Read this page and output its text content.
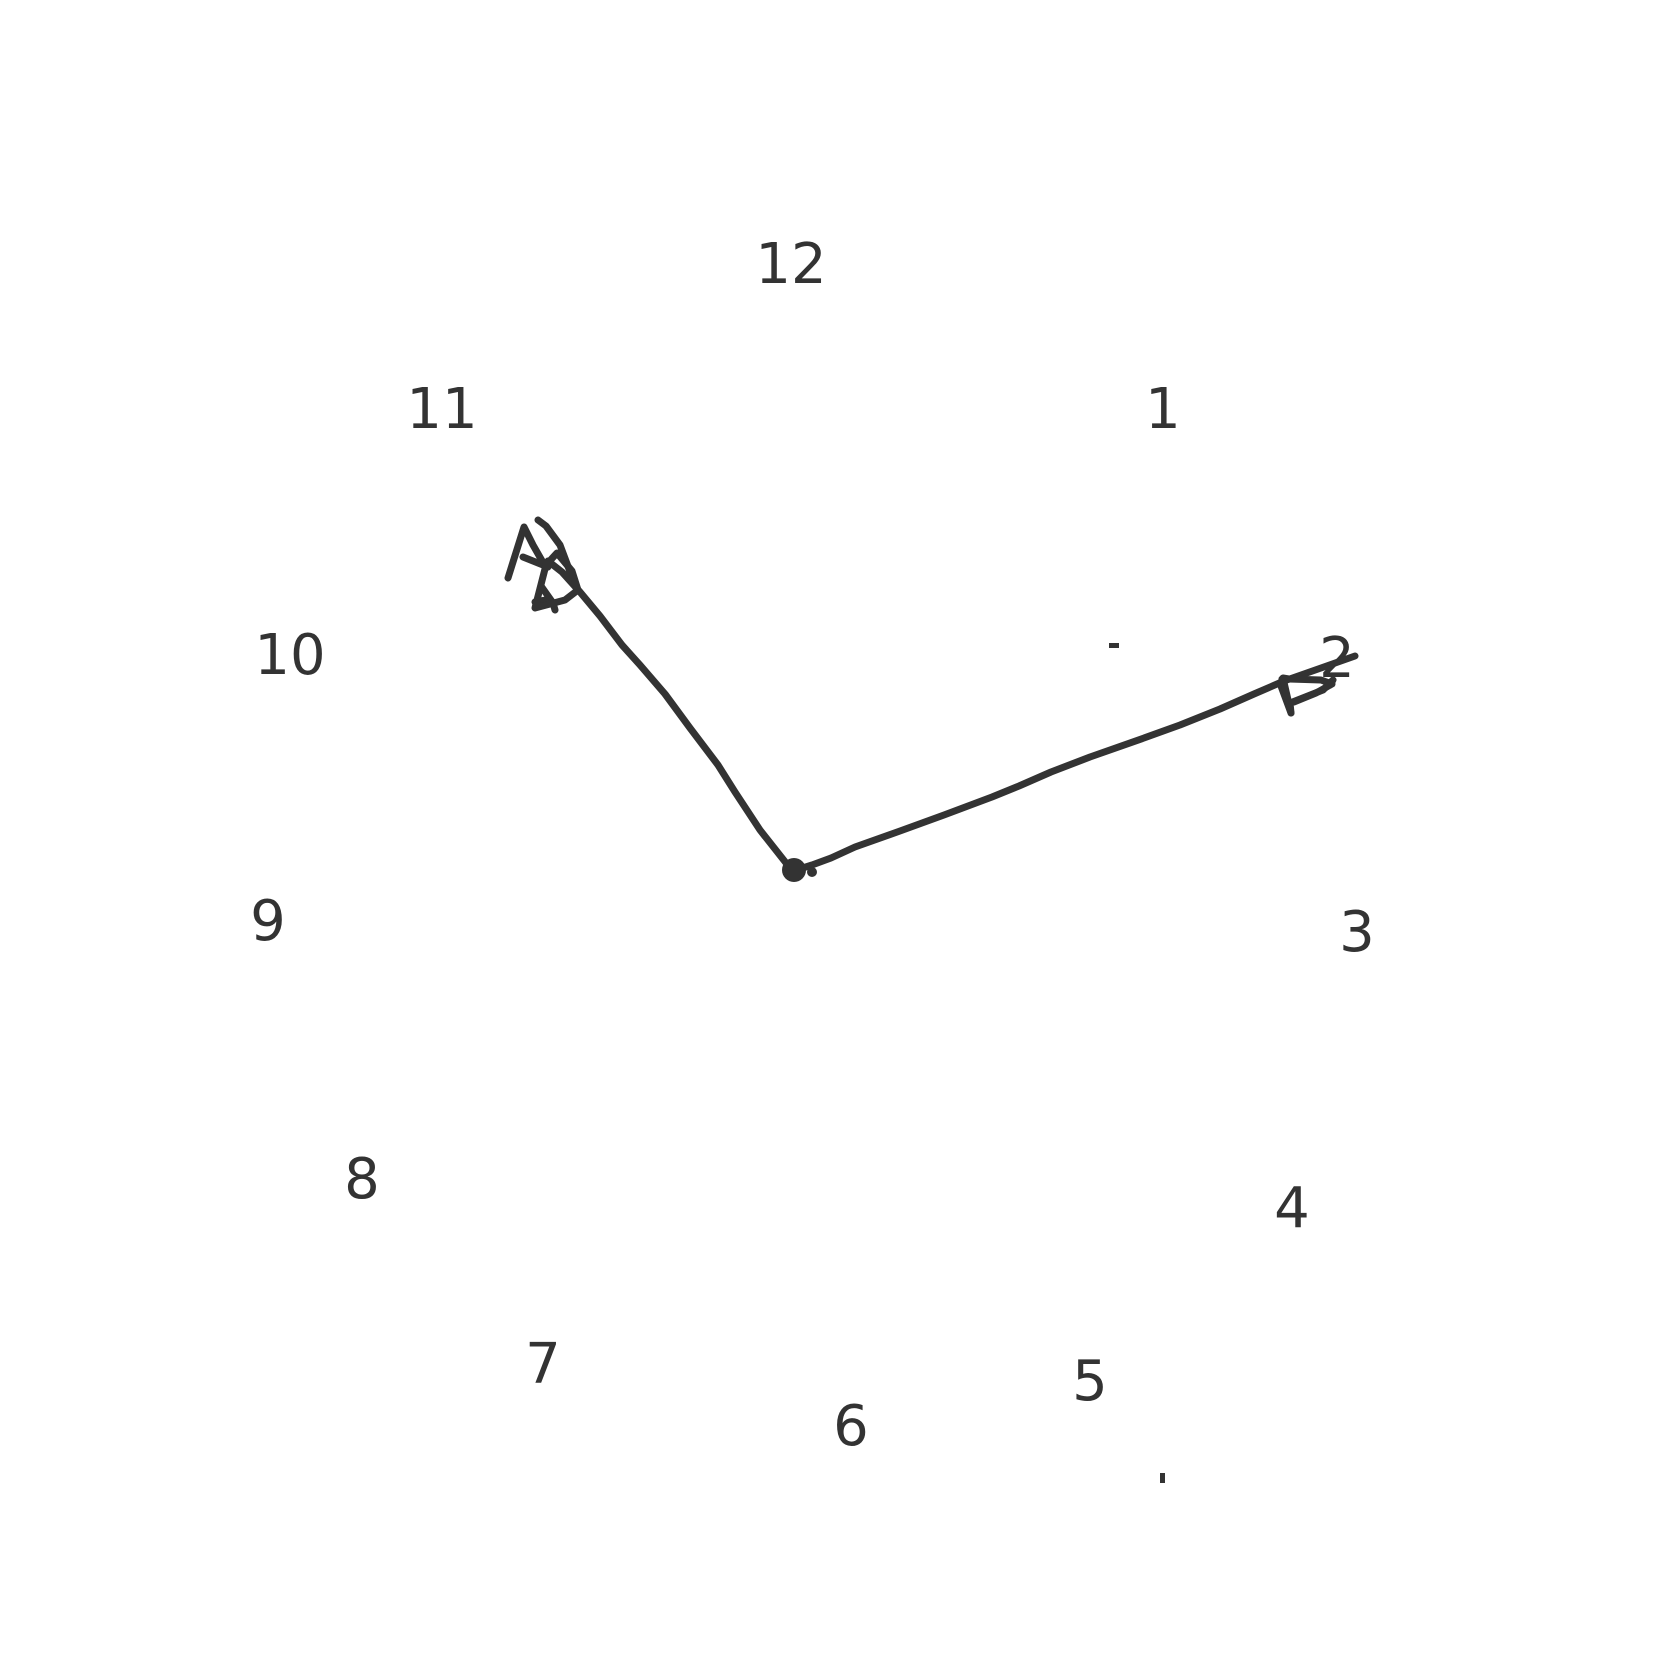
12
1
2
3
4
5
6
7
8
9
10
11
